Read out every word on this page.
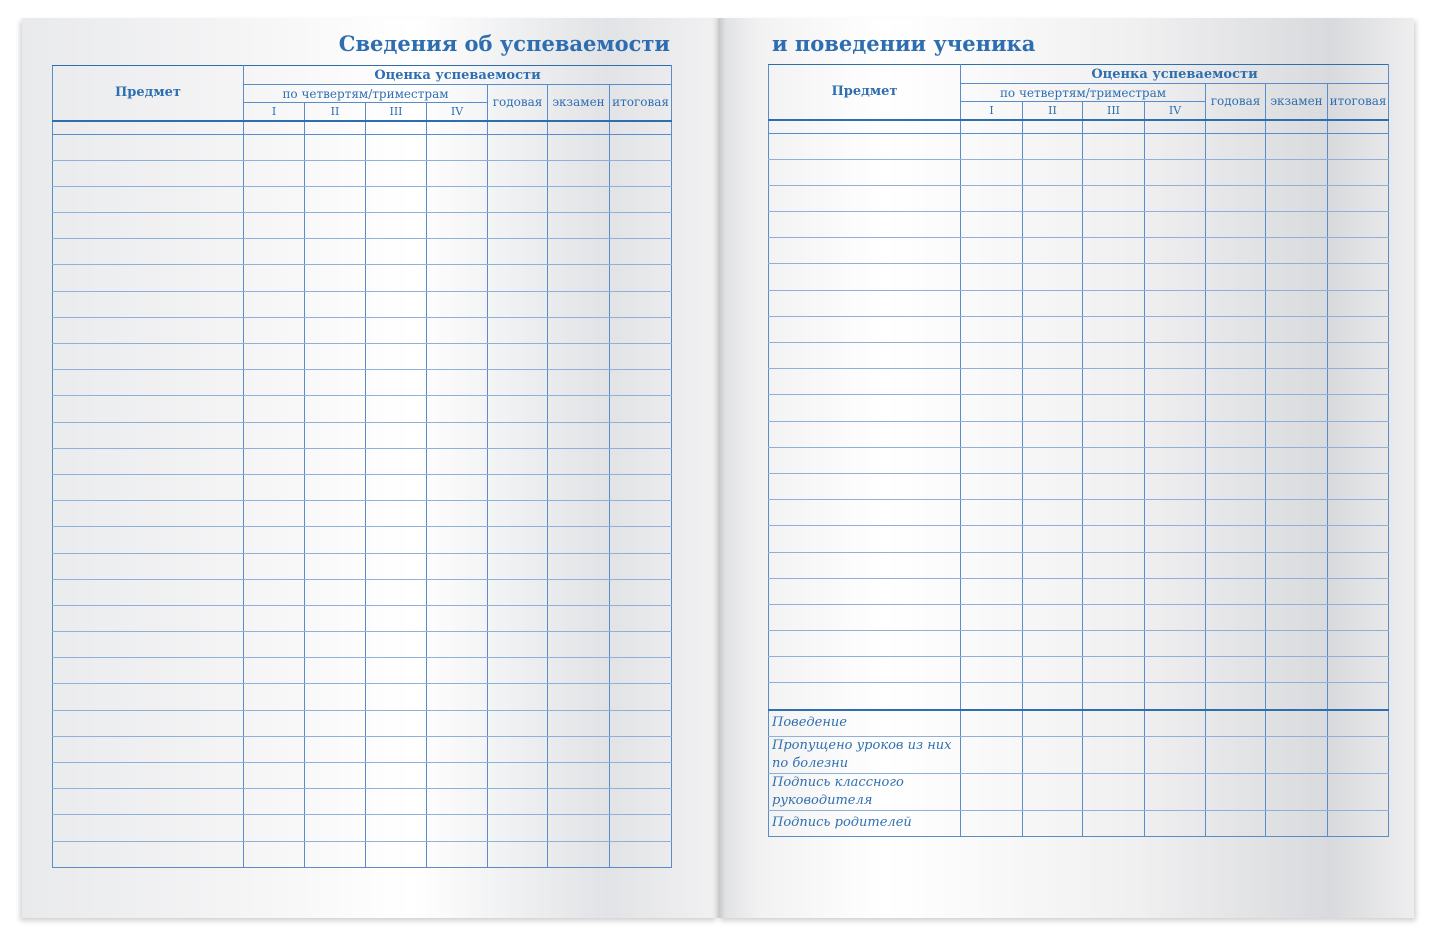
Сведения об успеваемости
Предмет	Оценка успеваемости						
	по четвертям/триместрам				годовая	экзамен	итоговая
	I	II	III	IV			

и поведении ученика
Предмет	Оценка успеваемости						
	по четвертям/триместрам				годовая	экзамен	итоговая
	I	II	III	IV			

Поведение							
Пропущено уроков из них по болезни							
Подпись классного руководителя							
Подпись родителей							
